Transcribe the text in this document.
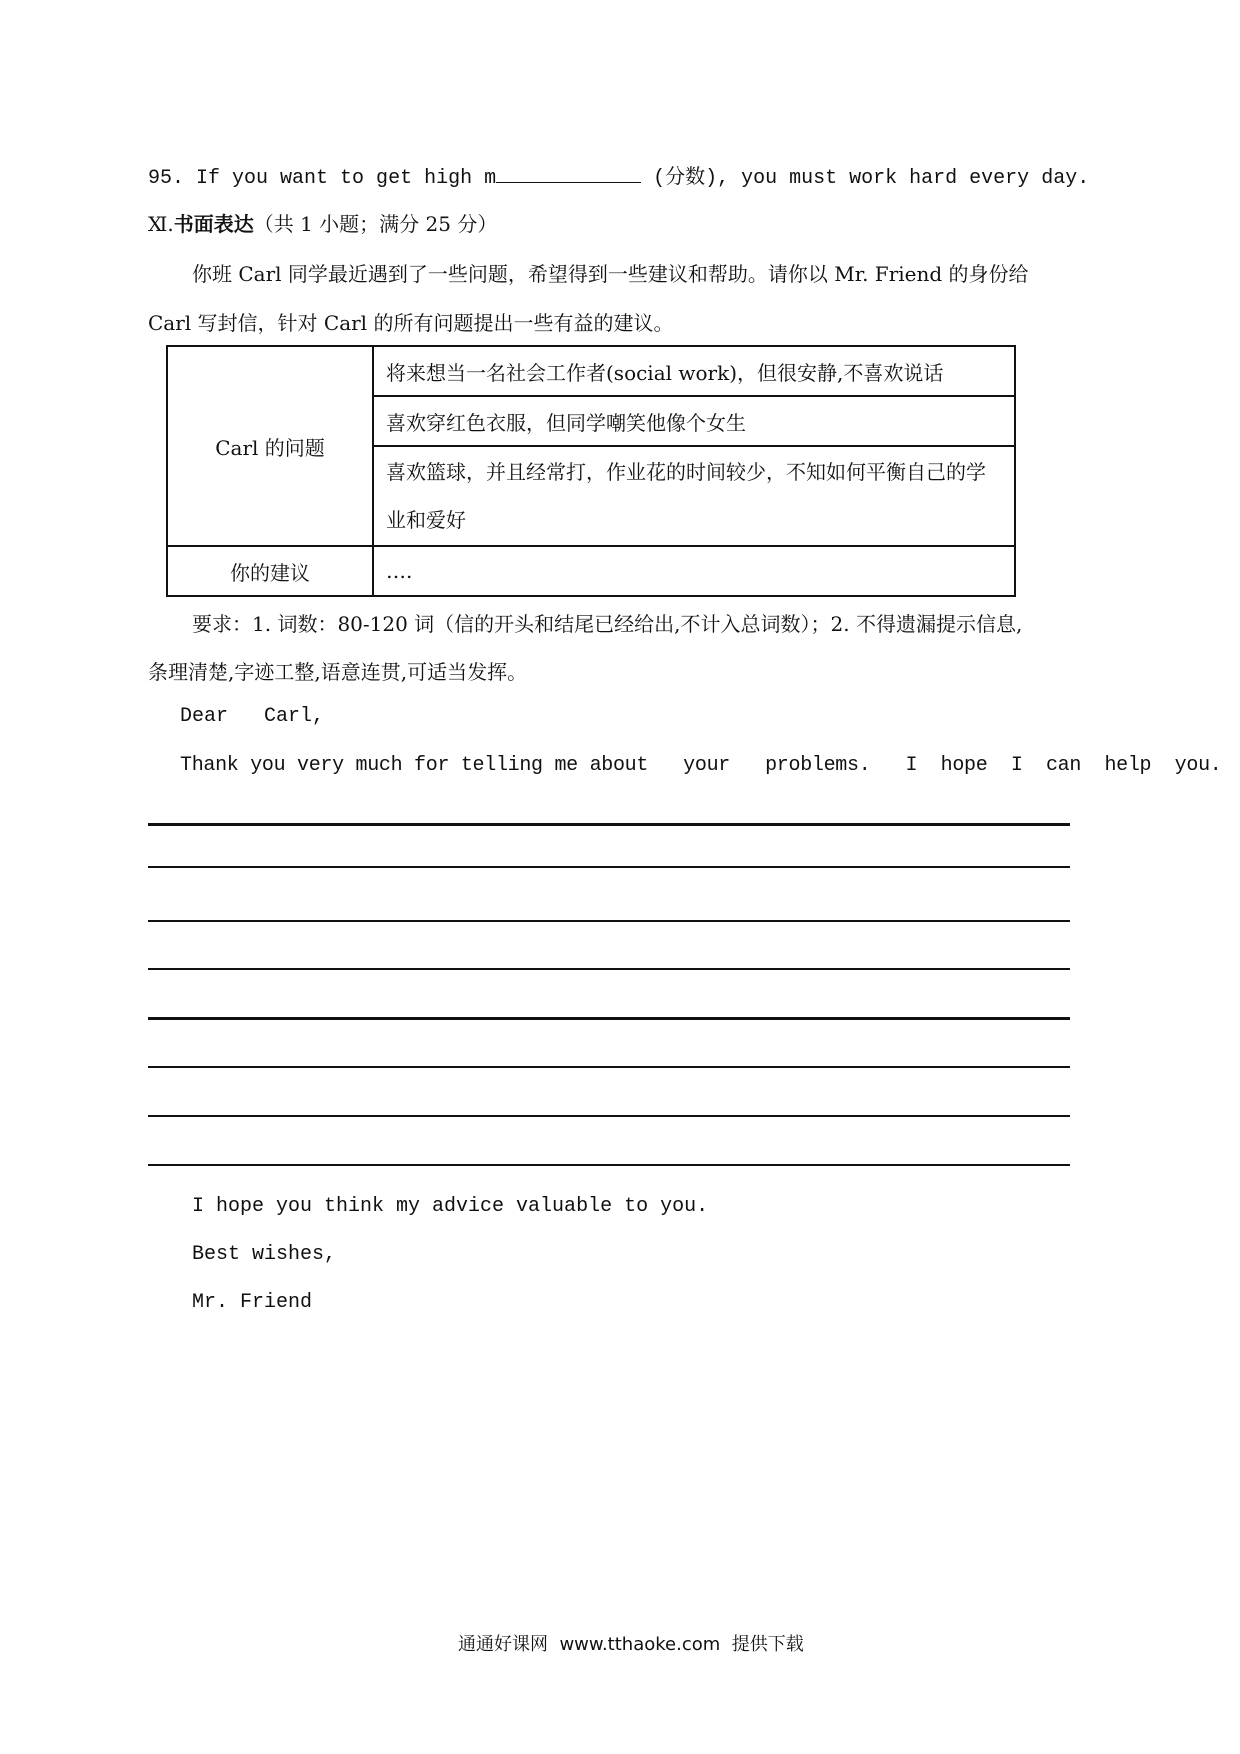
95. If you want to get high m	(分数), you must work hard every day.
Ⅺ.书面表达（共 1 小题；满分 25 分）
你班 Carl 同学最近遇到了一些问题，希望得到一些建议和帮助。请你以 Mr. Friend 的身份给
Carl 写封信，针对 Carl 的所有问题提出一些有益的建议。
Carl 的问题	将来想当一名社会工作者(social work)，但很安静,不喜欢说话
	喜欢穿红色衣服，但同学嘲笑他像个女生
	喜欢篮球，并且经常打，作业花的时间较少，不知如何平衡自己的学业和爱好
你的建议	….
要求：1. 词数：80-120 词（信的开头和结尾已经给出,不计入总词数）；2. 不得遗漏提示信息,
条理清楚,字迹工整,语意连贯,可适当发挥。
Dear   Carl,
Thank you very much for telling me about   your   problems.   I  hope  I  can  help  you.
I hope you think my advice valuable to you.
Best wishes,
Mr. Friend
通通好课网  www.tthaoke.com  提供下载
